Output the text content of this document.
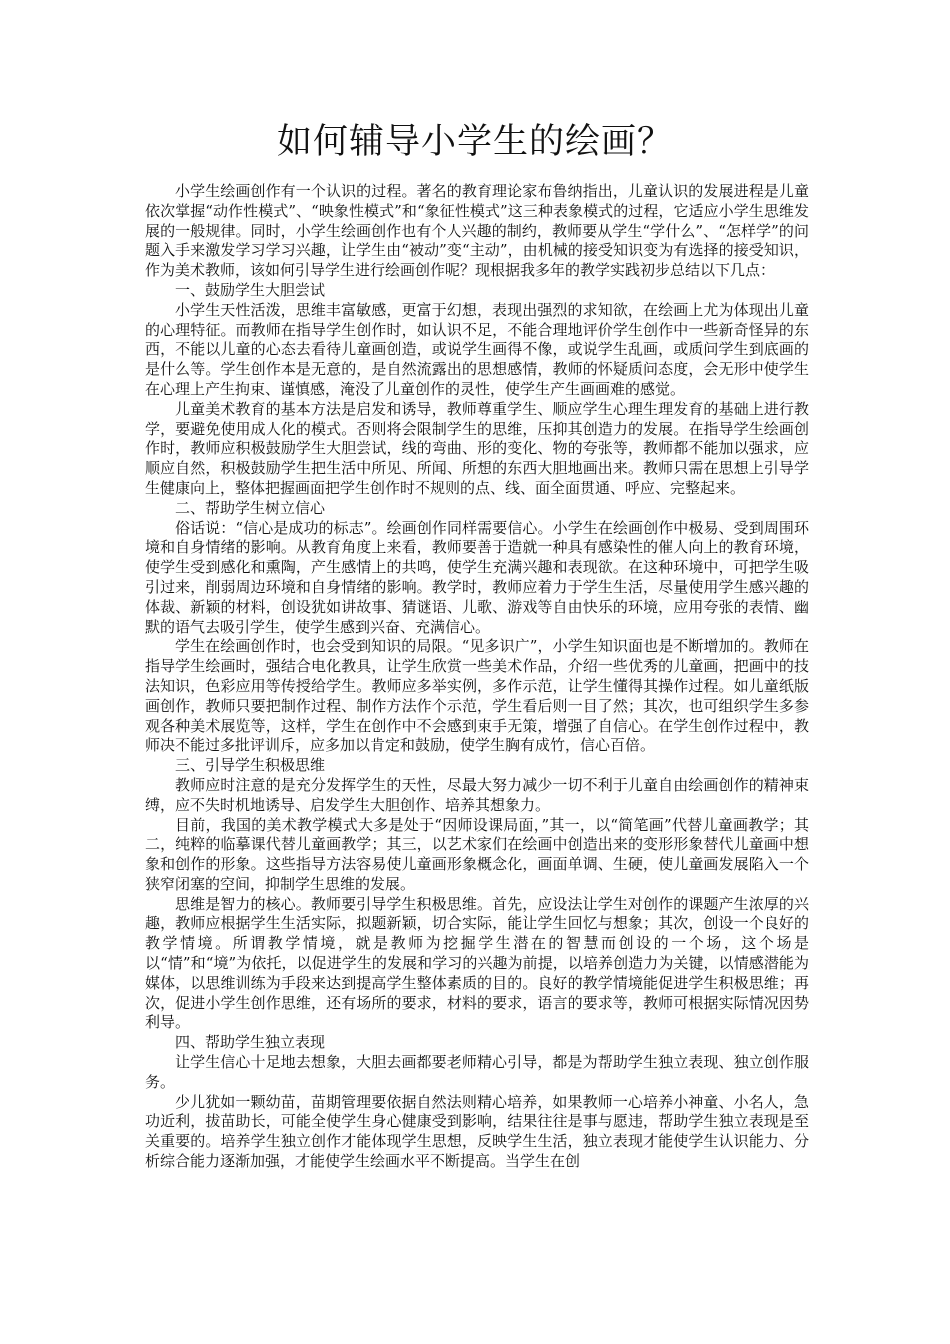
如何辅导小学生的绘画？

小学生绘画创作有一个认识的过程。著名的教育理论家布鲁纳指出，儿童认识的发展进程是儿童依次掌握“动作性模式”、“映象性模式”和“象征性模式”这三种表象模式的过程，它适应小学生思维发展的一般规律。同时，小学生绘画创作也有个人兴趣的制约，教师要从学生“学什么”、“怎样学”的问题入手来激发学习学习兴趣，让学生由“被动”变“主动”，由机械的接受知识变为有选择的接受知识，作为美术教师，该如何引导学生进行绘画创作呢？现根据我多年的教学实践初步总结以下几点：

一、鼓励学生大胆尝试

小学生天性活泼，思维丰富敏感，更富于幻想，表现出强烈的求知欲，在绘画上尤为体现出儿童的心理特征。而教师在指导学生创作时，如认识不足，不能合理地评价学生创作中一些新奇怪异的东西，不能以儿童的心态去看待儿童画创造，或说学生画得不像，或说学生乱画，或质问学生到底画的是什么等。学生创作本是无意的，是自然流露出的思想感情，教师的怀疑质问态度，会无形中使学生在心理上产生拘束、谨慎感，淹没了儿童创作的灵性，使学生产生画画难的感觉。

儿童美术教育的基本方法是启发和诱导，教师尊重学生、顺应学生心理生理发育的基础上进行教学，要避免使用成人化的模式。否则将会限制学生的思维，压抑其创造力的发展。在指导学生绘画创作时，教师应积极鼓励学生大胆尝试，线的弯曲、形的变化、物的夸张等，教师都不能加以强求，应顺应自然，积极鼓励学生把生活中所见、所闻、所想的东西大胆地画出来。教师只需在思想上引导学生健康向上，整体把握画面把学生创作时不规则的点、线、面全面贯通、呼应、完整起来。

二、帮助学生树立信心

俗话说：“信心是成功的标志”。绘画创作同样需要信心。小学生在绘画创作中极易、受到周围环境和自身情绪的影响。从教育角度上来看，教师要善于造就一种具有感染性的催人向上的教育环境，使学生受到感化和熏陶，产生感情上的共鸣，使学生充满兴趣和表现欲。在这种环境中，可把学生吸引过来，削弱周边环境和自身情绪的影响。教学时，教师应着力于学生生活，尽量使用学生感兴趣的体裁、新颖的材料，创设犹如讲故事、猜谜语、儿歌、游戏等自由快乐的环境，应用夸张的表情、幽默的语气去吸引学生，使学生感到兴奋、充满信心。

学生在绘画创作时，也会受到知识的局限。“见多识广”，小学生知识面也是不断增加的。教师在指导学生绘画时，强结合电化教具，让学生欣赏一些美术作品，介绍一些优秀的儿童画，把画中的技法知识，色彩应用等传授给学生。教师应多举实例，多作示范，让学生懂得其操作过程。如儿童纸版画创作，教师只要把制作过程、制作方法作个示范，学生看后则一目了然；其次，也可组织学生多参观各种美术展览等，这样，学生在创作中不会感到束手无策，增强了自信心。在学生创作过程中，教师决不能过多批评训斥，应多加以肯定和鼓励，使学生胸有成竹，信心百倍。

三、引导学生积极思维

教师应时注意的是充分发挥学生的天性，尽最大努力减少一切不利于儿童自由绘画创作的精神束缚，应不失时机地诱导、启发学生大胆创作、培养其想象力。

目前，我国的美术教学模式大多是处于“因师设课局面，”其一，以“简笔画”代替儿童画教学；其二，纯粹的临摹课代替儿童画教学；其三，以艺术家们在绘画中创造出来的变形形象替代儿童画中想象和创作的形象。这些指导方法容易使儿童画形象概念化，画面单调、生硬，使儿童画发展陷入一个狭窄闭塞的空间，抑制学生思维的发展。

思维是智力的核心。教师要引导学生积极思维。首先，应设法让学生对创作的课题产生浓厚的兴趣，教师应根据学生生活实际，拟题新颖，切合实际，能让学生回忆与想象；其次，创设一个良好的教学情境。所谓教学情境，就是教师为挖掘学生潜在的智慧而创设的一个场，这个场是以“情”和“境”为依托，以促进学生的发展和学习的兴趣为前提，以培养创造力为关键，以情感潜能为媒体，以思维训练为手段来达到提高学生整体素质的目的。良好的教学情境能促进学生积极思维；再次，促进小学生创作思维，还有场所的要求，材料的要求，语言的要求等，教师可根据实际情况因势利导。

四、帮助学生独立表现

让学生信心十足地去想象，大胆去画都要老师精心引导，都是为帮助学生独立表现、独立创作服务。

少儿犹如一颗幼苗，苗期管理要依据自然法则精心培养，如果教师一心培养小神童、小名人，急功近利，拔苗助长，可能全使学生身心健康受到影响，结果往往是事与愿违，帮助学生独立表现是至关重要的。培养学生独立创作才能体现学生思想，反映学生生活，独立表现才能使学生认识能力、分析综合能力逐渐加强，才能使学生绘画水平不断提高。当学生在创
